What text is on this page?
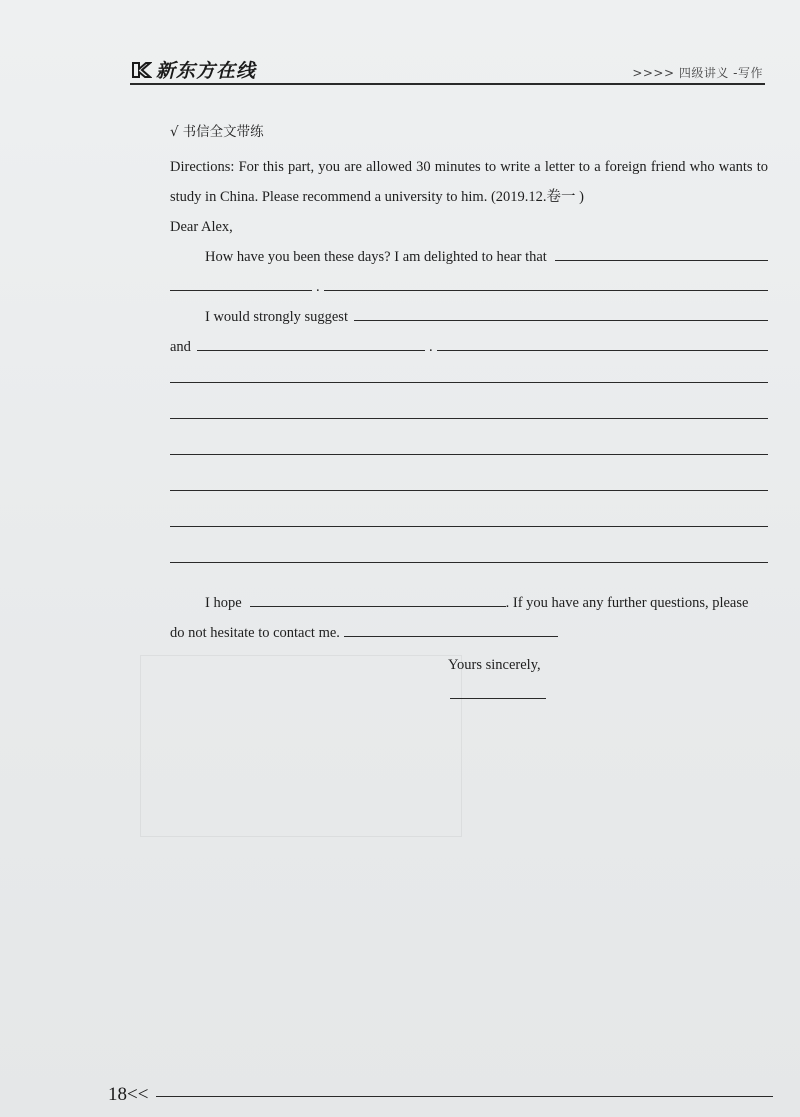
新东方在线	>>>> 四级讲义 -写作
√ 书信全文带练
Directions: For this part, you are allowed 30 minutes to write a letter to a foreign friend who wants to study in China. Please recommend a university to him. (2019.12.卷一 )
Dear Alex,
How have you been these days? I am delighted to hear that
.
I would strongly suggest
and	.
I hope	. If you have any further questions, please
do not hesitate to contact me.
Yours sincerely,
18<<
